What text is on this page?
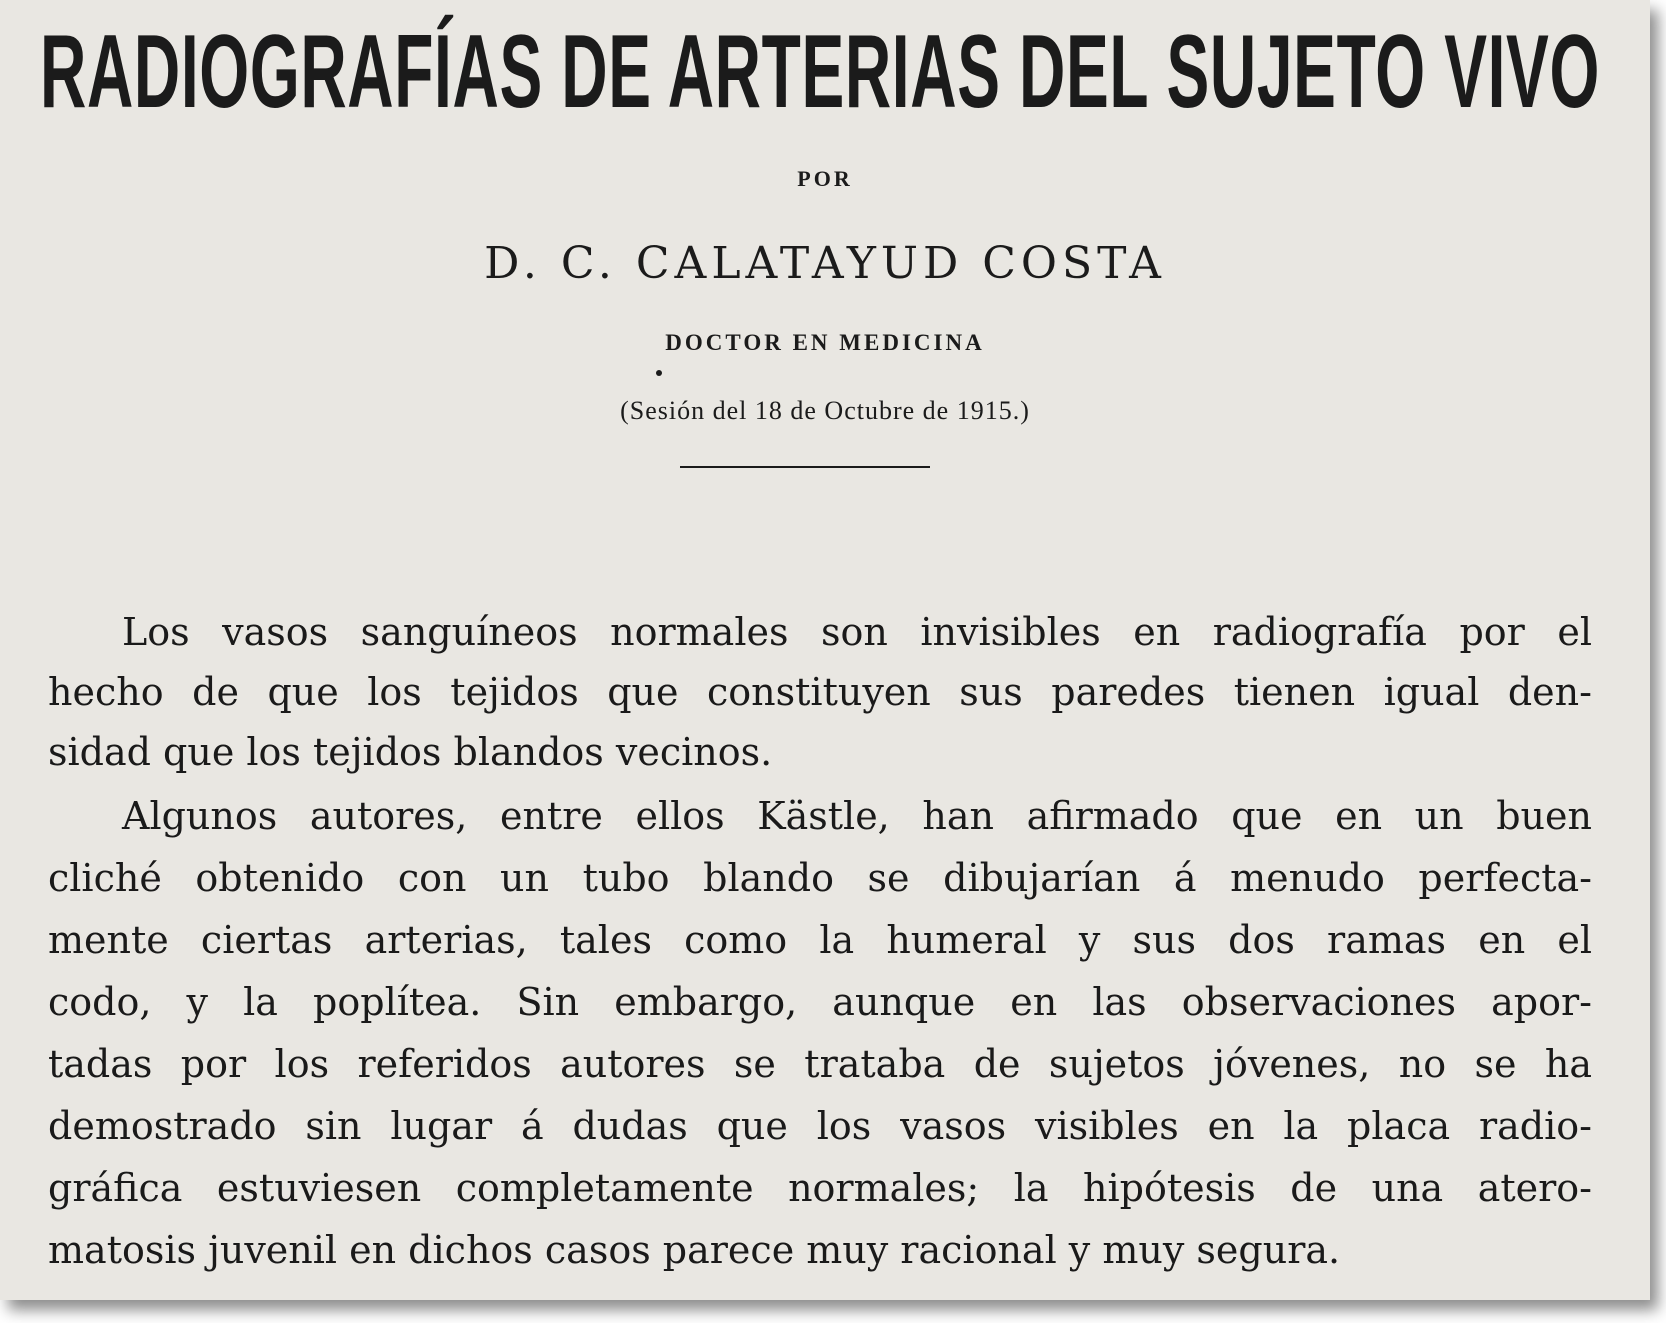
RADIOGRAFÍAS DE ARTERIAS DEL SUJETO VIVO
POR
D. C. CALATAYUD COSTA
DOCTOR EN MEDICINA
(Sesión del 18 de Octubre de 1915.)
Los vasos sanguíneos normales son invisibles en radiografía por el
hecho de que los tejidos que constituyen sus paredes tienen igual den-
sidad que los tejidos blandos vecinos.
Algunos autores, entre ellos Kästle, han afirmado que en un buen
cliché obtenido con un tubo blando se dibujarían á menudo perfecta-
mente ciertas arterias, tales como la humeral y sus dos ramas en el
codo, y la poplítea. Sin embargo, aunque en las observaciones apor-
tadas por los referidos autores se trataba de sujetos jóvenes, no se ha
demostrado sin lugar á dudas que los vasos visibles en la placa radio-
gráfica estuviesen completamente normales; la hipótesis de una atero-
matosis juvenil en dichos casos parece muy racional y muy segura.
